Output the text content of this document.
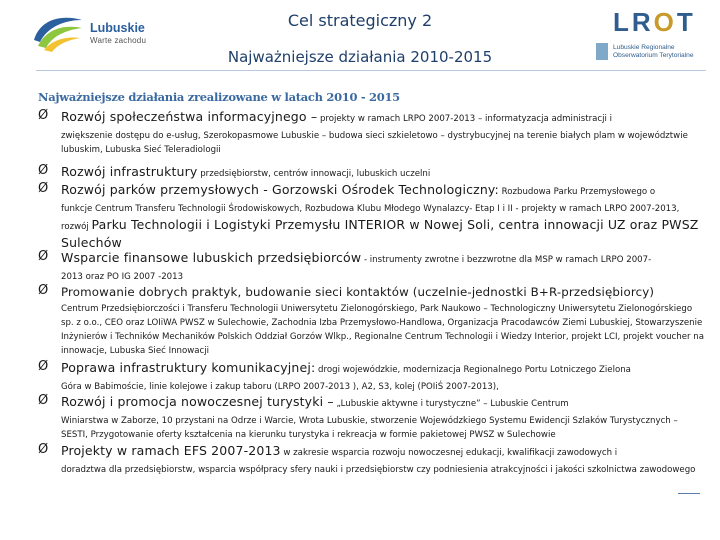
Lubuskie
Warte zachodu
Cel strategiczny 2
Najważniejsze działania 2010-2015
LROT
Lubuskie Regionalne
Obserwatorium Terytorialne
Najważniejsze działania zrealizowane w latach 2010 - 2015
Ø Rozwój społeczeństwa informacyjnego – projekty w ramach LRPO 2007-2013 – informatyzacja administracji i
zwiększenie dostępu do e-usług, Szerokopasmowe Lubuskie – budowa sieci szkieletowo – dystrybucyjnej na terenie białych plam w województwie lubuskim, Lubuska Sieć Teleradiologii
Ø Rozwój infrastruktury przedsiębiorstw, centrów innowacji, lubuskich uczelni
Ø Rozwój parków przemysłowych - Gorzowski Ośrodek Technologiczny: Rozbudowa Parku Przemysłowego o
funkcje Centrum Transferu Technologii Środowiskowych, Rozbudowa Klubu Młodego Wynalazcy- Etap I i II - projekty w ramach LRPO 2007-2013, rozwój Parku Technologii i Logistyki Przemysłu INTERIOR w Nowej Soli, centra innowacji UZ oraz PWSZ Sulechów
Ø Wsparcie finansowe lubuskich przedsiębiorców - instrumenty zwrotne i bezzwrotne dla MSP w ramach LRPO 2007-
2013 oraz PO IG 2007 -2013
Ø Promowanie dobrych praktyk, budowanie sieci kontaktów (uczelnie-jednostki B+R-przedsiębiorcy)
Centrum Przedsiębiorczości i Transferu Technologii Uniwersytetu Zielonogórskiego, Park Naukowo – Technologiczny Uniwersytetu Zielonogórskiego sp. z o.o., CEO oraz LOIiWA PWSZ w Sulechowie, Zachodnia Izba Przemysłowo-Handlowa, Organizacja Pracodawców Ziemi Lubuskiej, Stowarzyszenie Inżynierów i Techników Mechaników Polskich Oddział Gorzów Wlkp., Regionalne Centrum Technologii i Wiedzy Interior, projekt LCI, projekt voucher na innowacje, Lubuska Sieć Innowacji
Ø Poprawa infrastruktury komunikacyjnej: drogi wojewódzkie, modernizacja Regionalnego Portu Lotniczego Zielona
Góra w Babimoście, linie kolejowe i zakup taboru (LRPO 2007-2013 ), A2, S3, kolej (POIiŚ 2007-2013),
Ø Rozwój i promocja nowoczesnej turystyki – „Lubuskie aktywne i turystyczne” – Lubuskie Centrum
Winiarstwa w Zaborze, 10 przystani na Odrze i Warcie, Wrota Lubuskie, stworzenie Wojewódzkiego Systemu Ewidencji Szlaków Turystycznych – SESTI, Przygotowanie oferty kształcenia na kierunku turystyka i rekreacja w formie pakietowej PWSZ w Sulechowie
Ø Projekty w ramach EFS 2007-2013 w zakresie wsparcia rozwoju nowoczesnej edukacji, kwalifikacji zawodowych i
doradztwa dla przedsiębiorstw, wsparcia współpracy sfery nauki i przedsiębiorstw czy podniesienia atrakcyjności i jakości szkolnictwa zawodowego
